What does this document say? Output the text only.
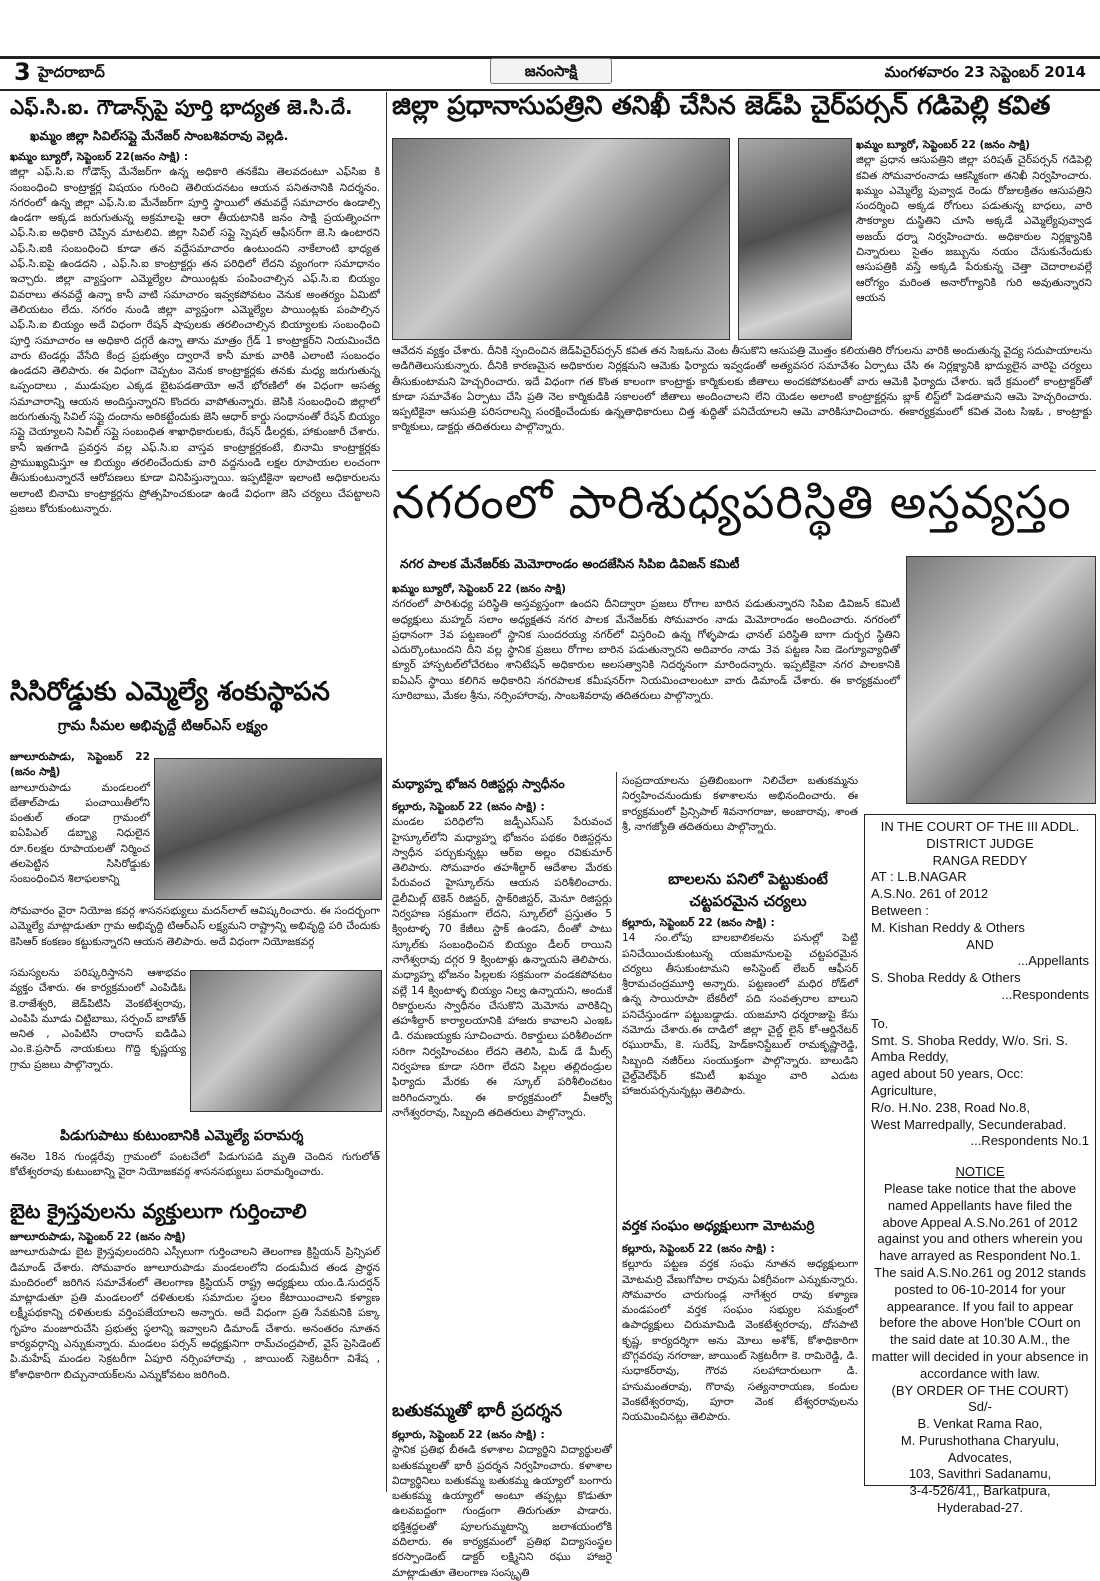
3 హైదరాబాద్‌	జనంసాక్షి	మంగళవారం 23 సెప్టెంబర్‌ 2014
ఎఫ్‌.సి.ఐ. గౌడాన్స్‌పై పూర్తి భాద్యత జె.సి.దే.
ఖమ్మం జిల్లా సివిల్‌సప్లై మేనేజర్‌ సాంబశివరావు వెల్లడి.
ఖమ్మం బ్యూరో, సెప్టెంబర్‌ 22(జనం సాక్షి) :
జిల్లా ఎఫ్‌.సి.ఐ గోడౌన్స్‌ మేనేజర్‌గా ఉన్న అధికారి తనకేమి తెలవదంటూ ఎఫ్‌సిఐ కి సంబంధించి కాంట్రాక్టర్ల విషయం గురించి తెలియదనటం ఆయన పనితనానికి నిదర్శనం. నగరంలో ఉన్న జిల్లా ఎఫ్‌.సి.ఐ మేనేజర్‌గా పూర్తి స్థాయిలో తమవద్దే సమాచారం ఉండాల్సి ఉండగా అక్కడ జరుగుతున్న అక్రమాలపై ఆరా తీయటానికి జనం సాక్షి ప్రయత్నించగా ఎఫ్‌.సి.ఐ అధికారి చెప్పిన మాటలివి. జిల్లా సివిల్‌ సప్లై స్పెషల్‌ ఆఫీసర్‌గా జె.సి ఉంటారని ఎఫ్‌.సి.ఐకి సంబంధించి కూడా తన వద్దేసమాచారం ఉంటుందని నాకేలాంటి భాధ్యత ఎఫ్‌.సి.ఐపై ఉండదని , ఎఫ్‌.సి.ఐ కాంట్రాక్టర్లు తన పరిధిలో లేదని వ్యంగంగా సమాధానం ఇచ్చారు. జిల్లా వ్యాప్తంగా ఎమ్మెల్యేల పాయింట్లకు పంపించాల్సిన ఎఫ్‌.సి.ఐ బియ్యం వివరాలు తనవద్దే ఉన్నా కానీ వాటి సమాచారం ఇవ్వకపోవటం వెనుక అంతర్యం ఏమిటో తెలియటం లేదు. నగరం నుండి జిల్లా వ్యాప్తంగా ఎమ్మెల్యేల పాయింట్లకు పంపాల్సిన ఎఫ్‌.సి.ఐ బియ్యం అదే విధంగా రేషన్‌ షాపులకు తరలించాల్సిన బియ్యాలకు సంబంధించి పూర్తి సమాచారం ఆ అధికారి దగ్గరే ఉన్నా తాను మాత్రం గ్రేడ్‌ 1 కాంట్రాక్టర్‌ని నియమించేది వారు టెండర్లు వేసేది కేంద్ర ప్రభుత్వం ద్వారానే కానీ మాకు వారికి ఎలాంటి సంబంధం ఉండదని తెలిపారు. ఈ విధంగా చెప్పటం వెనుక కాంట్రాక్టర్లకు తనకు మధ్య జరుగుతున్న ఒప్పందాలు , ముడుపుల ఎక్కడ బైటపడతాయో అనే భోరణిలో ఈ విధంగా అసత్య సమాచారాన్ని ఆయన అందిస్తున్నారని కొందరు వాపోతున్నారు. జెసికి సంబంధించి జిల్లాలో జరుగుతున్న సివిల్‌ సప్లై దందాను అరికట్టేందుకు జెసి ఆధార్‌ కార్డు సంధానంతో రేషన్‌ బియ్యం సప్లై చెయ్యాలని సివిల్‌ సప్లై సంబంధిత శాఖాధికారులకు, రేషన్‌ డీలర్లకు, హాకుంజారీ చేశారు. కానీ ఇతగాడి ప్రవర్తన వల్ల ఎఫ్‌.సి.ఐ వాస్తవ కాంట్రాక్టర్లకంటే, బినామి కాంట్రాక్టర్లకు ప్రాముఖ్యమిస్తూ ఆ బియ్యం తరలించేందుకు వారి వద్దనుండి లక్షల రూపాయల లంచంగా తీసుకుంటున్నారనే ఆరోపణలు కూడా వినిపిస్తున్నాయి. ఇప్పటికైనా ఇలాంటి అధికారులను అలాంటి బినామి కాంట్రాక్టర్లను ప్రోత్సహించకుండా ఉండే విధంగా జెసి చర్యలు చేపట్టాలని ప్రజలు కోరుకుంటున్నారు.
జిల్లా ప్రధానాసుపత్రిని తనిఖీ చేసిన జెడ్‌పి చైర్‌పర్సన్‌ గడిపెల్లి కవిత
ఖమ్మం బ్యూరో, సెప్టెంబర్‌ 22 (జనం సాక్షి)
జిల్లా ప్రధాన ఆసుపత్రిని జిల్లా పరిషత్‌ చైర్‌పర్సన్‌ గడిపెల్లి కవిత సోమవారంనాడు ఆకస్మికంగా తనిఖీ నిర్వహించారు. ఖమ్మం ఎమ్మెల్యే పువ్వాడ రెండు రోజులక్రితం ఆసుపత్రిని సందర్శించి అక్కడ రోగులు పడుతున్న బాధలు, వారి సౌకర్యాల దుస్థితిని చూసి అక్కడే ఎమ్మెల్యేపువ్వాడ అజయ్‌ ధర్నా నిర్వహించారు. అధికారుల నిర్లక్ష్యానికి చిన్నారులు సైతం జబ్బును నయం చేసుకునేందుకు ఆసుపత్రికి వస్తే అక్కడి పేరుకున్న చెత్తా చెదారాలవల్లే ఆరోగ్యం మరింత అనారోగ్యానికి గురి అవుతున్నారని ఆయన
ఆవేదన వ్యక్తం చేశారు. దీనికి స్పందించిన జెడ్‌పిచైర్‌పర్సన్‌ కవిత తన సిఇఓను వెంట తీసుకొని ఆసుపత్రి మొత్తం కలియతిరి రోగులను వారికి అందుతున్న వైద్య సదుపాయాలను అడిగితెలుసుకున్నారు. దీనికి కారణమైన అధికారుల నిర్లక్షమని ఆమెకు ఫిర్యాదు ఇవ్వడంతో అత్యవసర సమావేశం ఏర్పాటు చేసి ఈ నిర్లక్ష్యానికి భాద్యులైన వారిపై చర్యలు తీసుకుంటామని హెచ్చరించారు. ఇదే విధంగా గత కొంత కాలంగా కాంట్రాక్టు కార్మికులకు జీతాలు అందకపోవటంతో వారు ఆమెకి ఫిర్యాదు చేశారు. ఇదే క్రమంలో కాంట్రాక్టర్‌తో కూడా సమావేశం ఏర్పాటు చేసి ప్రతి నెల కార్మికుడికి సకాలంలో జీతాలు అందించాలని లేని యెడల అలాంటి కాంట్రాక్టర్లను బ్లాక్‌ లిస్ట్‌లో పెడతామని ఆమె హెచ్చరించారు. ఇప్పటికైనా ఆసుపత్రి పరిసరాలన్ని సంరక్షించేందుకు ఉన్నతాధికారులు చిత్త శుద్ధితో పనిచేయాలని ఆమె వారికిసూచించారు. ఈకార్యక్రమంలో కవిత వెంట సిఇఓ , కాంట్రాక్టు కార్మికులు, డాక్టర్లు తదితరులు పాల్గొన్నారు.
నగరంలో పారిశుధ్యపరిస్థితి అస్తవ్యస్తం
నగర పాలక మేనేజర్‌కు మెమోరాండం అందజేసిన సిపిఐ డివిజన్‌ కమిటీ
ఖమ్మం బ్యూరో, సెప్టెంబర్‌ 22 (జనం సాక్షి)
నగరంలో పారిశుధ్య పరిస్థితి అస్తవ్యస్తంగా ఉందని దీనిద్వారా ప్రజలు రోగాల బారిన పడుతున్నారని సిపిఐ డివిజన్‌ కమిటీ అధ్యక్షులు మహ్మద్‌ సలాం అధ్యక్షతన నగర పాలక మేనేజర్‌కు సోమవారం నాడు మెమోరాండం అందించారు. నగరంలో ప్రధానంగా 3వ పట్టణంలో స్థానిక సుందరయ్య నగర్‌లో విస్తరించి ఉన్న గోళ్ళపాడు ఛానల్‌ పరిస్థితి బాగా దుర్భర స్థితిని ఎదుర్కొంటుందని దీని వల్ల స్థానిక ప్రజలు రోగాల బారిన పడుతున్నారని అదివారం నాడు 3వ పట్టణ సిఐ డెంగ్యూవ్యాధితో క్యూర్‌ హాస్పటల్‌లోచేరటం శానిటేషన్‌ అధికారుల అలసత్వానికి నిదర్శనంగా మారిందన్నారు. ఇప్పటికైనా నగర పాలకానికి ఐఏఎస్‌ స్థాయి కలిగిన అధికారిని నగరపాలక కమీషనర్‌గా నియమించాలంటూ వారు డిమాండ్‌ చేశారు. ఈ కార్యక్రమంలో సూరిబాబు, మేకల శ్రీను, నర్సింహారావు, సాంబశివరావు తదితరులు పాల్గొన్నారు.
సిసిరోడ్డుకు ఎమ్మెల్యే శంకుస్థాపన
గ్రామ సీమల అభివృద్దే టిఆర్‌ఎస్‌ లక్ష్యం
జూలూరుపాడు, సెప్టెంబర్‌ 22 (జనం సాక్షి)
జూలూరుపాడు మండలంలో బేతాల్‌పాడు పంచాయితీలోని పంతుల్‌ తండా గ్రామంలో ఐఏపిఎల్‌ డబ్బ్యా నిధులైన రూ.6లక్షల రూపాయలతో నిర్మించ తలపెట్టిన సిసిరోడ్డుకు సంబంధించిన శిలాఫలకాన్ని
సోమవారం వైరా నియోజ కవర్గ శాసనసభ్యులు మదన్‌లాల్‌ ఆవిష్కరించారు. ఈ సందర్భంగా ఎమ్మెల్యే మాట్లాడుతూ గ్రామ అభివృద్ది టిఆర్‌ఎస్‌ లక్ష్యమని రాష్ట్రాన్ని అభివృద్ది పరి చేందుకు కెసిఆర్‌ కంకణం కట్టుకున్నారని ఆయన తెలిపారు. అదే విధంగా నియోజకవర్గ
సమస్యలను పరిష్కరిస్తానని ఆశాభవం వ్యక్తం చేశారు. ఈ కార్యక్రమంలో ఎంపిడిఓ కె.రాజేశ్వరి, జెడ్‌పిటిసి వెంకటేశ్వరావు, ఎంపిపి మూడు చిట్టిబాబు, సర్పంచ్‌ బాణోత్‌ అనిత , ఎంపిటిసి రాందాస్‌ ఐడిడిఎ ఎం.కె.ప్రసాద్‌ నాయకులు గొద్ది కృష్ణయ్య గ్రామ ప్రజలు పాల్గొన్నారు.
పిడుగుపాటు కుటుంబానికి ఎమ్మెల్యే పరామర్శ
ఈనెల 18న గుండ్లరేవు గ్రామంలో పంటచేలో పిడుగుపడి మృతి చెందిన గుగులోత్‌ కోటేశ్వరరావు కుటుంబాన్ని వైరా నియోజకవర్గ శాసనసభ్యులు పరామర్శించారు.
బైట క్రైస్తవులను వ్యక్తులుగా గుర్తించాలి
జూలూరుపాడు, సెప్టెంబర్‌ 22 (జనం సాక్షి)
జూలూరుపాడు బైట క్రైస్తవులందరిని ఎస్సీలుగా గుర్తించాలని తెలంగాణ క్రిస్టియన్‌ ప్రిన్సిపల్‌ డిమాండ్‌ చేశారు. సోమవారం జూలూరుపాడు మండలంలోని దండుమీద తండ ప్రార్థన మందిరంలో జరిగిన సమావేశంలో తెలంగాణ క్రిస్టియన్‌ రాష్ట్ర అధ్యక్షులు యం.డి.సుదర్షన్‌ మాట్లాడుతూ ప్రతి మండలంలో దళితులకు సమాదుల స్థలం కేటాయించాలని కళ్యాణ లక్ష్మీపథకాన్ని దళితులకు వర్తింపజేయాలని అన్నారు. అదే విధంగా ప్రతి సేవకునికి పక్కా గృహం మంజూరుచేసి ప్రభుత్వ స్థలాన్ని ఇవ్వాలని డిమాండ్‌ చేశారు. అనంతరం నూతన కార్యవర్గాన్ని ఎన్నుకున్నారు. మండలం పర్సన్‌ అధ్యక్షునిగా రామ్‌చంద్రపాల్‌, వైస్‌ ప్రెసిడెంట్‌ పి.మహేష్‌ మండల సెక్రటరీగా ఏపూరి నర్సింహారావు , జాయింట్‌ సెక్రెటరీగా విశేష , కోశాధికారిగా బిచ్చునాయక్‌లను ఎన్నుకోవటం జరిగింది.
మధ్యాహ్న భోజన రిజిస్టర్లు స్వాధీనం
కల్లూరు, సెప్టెంబర్‌ 22 (జనం సాక్షి) :
మండల పరిధిలోని జడ్పీఎస్‌ఎస్‌ పేరువంచ హైస్కూల్‌లోని మధ్యాహ్న భోజనం పథకం రిజిస్టర్లను స్వాధీన పర్చుకున్నట్లు ఆర్‌ఐ అల్లం రవికుమార్‌ తెలిపారు. సోమవారం తహశీల్దార్‌ ఆదేశాల మేరకు పేరువంచ హైస్కూల్‌ను ఆయన పరిశీలించారు. డైలీమిల్ల్‌ టెకెన్‌ రిజిస్టర్‌, స్టాక్‌రిజిస్టర్‌, మెనూ రిజిస్టర్లు నిర్వహణ సక్రమంగా లేదని, స్కూల్‌లో ప్రస్తుతం 5 క్వింటాళ్ళ 70 కేజీలు స్టాక్‌ ఉండని, దీంతో పాటు స్కూల్‌కు సంబంధించిన బియ్యం డీలర్‌ రాయిని నాగేశ్వరావు దగ్గర 9 క్వింటాళ్లు ఉన్నాయని తెలిపారు. మధ్యాహ్న భోజనం పిల్లలకు సక్రమంగా వండకపోవటం వల్లే 14 క్వింటాళ్ళ బియ్యం నిల్వ ఉన్నాయని, అందుకే రికార్డులను స్వాధీనం చేసుకొని మెమోను వారికిచ్చి తహశీల్దార్‌ కార్యాలయానికి హాజరు కావాలని ఎంఇఓ డి. రమణయ్యకు సూచించారు. రికార్డులు పరిశీలించగా సరిగా నిర్వహించటం లేదని తెలిసి, మిడ్‌ డే మీల్స్‌ నిర్వహణ కూడా సరిగా లేదని పిల్లల తల్లిదండ్రుల ఫిర్యాదు మేరకు ఈ స్కూల్‌ పరిశీలించటం జరిగిందన్నారు. ఈ కార్యక్రమంలో వీఆర్వో నాగేశ్వరరావు, సిబ్బంది తదితరులు పాల్గొన్నారు.
బతుకమ్మతో భారీ ప్రదర్శన
కల్లూరు, సెప్టెంబర్‌ 22 (జనం సాక్షి) :
స్థానిక ప్రతిభ బీఈడి కళాశాల విద్యార్థిని విద్యార్థులతో బతుకమ్మలతో భారీ ప్రదర్శన నిర్వహించారు. కళాశాల విద్యార్థినిలు బతుకమ్మ బతుకమ్మ ఉయ్యాలో బంగారు బతుకమ్మ ఉయ్యాలో అంటూ తప్పట్లు కొడుతూ ఉలవబద్దంగా గుండ్రంగా తిరుగుతూ పాడారు. భక్తిశ్రద్ధలతో పూలగుమ్మటాన్ని జలాశయంలోకి వదిలారు. ఈ కార్యక్రమంలో ప్రతిభ విద్యాసంస్థల కరస్పాండెంట్‌ డాక్టర్‌ లక్ష్మినిని రఘు హాజరై మాట్లాడుతూ తెలంగాణ సంస్కృతి
సంప్రదాయాలను ప్రతిబింబంగా నిలిచేలా బతుకమ్మను నిర్వహించనుందుకు కళాశాలను అభినందించారు. ఈ కార్యక్రమంలో ప్రిన్సిపాల్‌ శివనాగరాజు, అంజారావు, శాంత శ్రీ, నాగజ్యోతి తదితరులు పాల్గొన్నారు.
బాలలను పనిలో పెట్టుకుంటే
చట్టపరమైన చర్యలు
కల్లూరు, సెప్టెంబర్‌ 22 (జనం సాక్షి) :
14 సం.లోపు బాలబాలికలను పనుల్లో పెట్టి పనిచేయించుకుంటున్న యజమానులపై చట్టపరమైన చర్యలు తీసుకుంటామని అసిస్టెంట్‌ లేబర్‌ ఆఫీసర్‌ శ్రీరామచంద్రమూర్తి అన్నారు. పట్టణంలో మధిర రోడ్‌లో ఉన్న సాయిరూపా బేకరీలో పది సంవత్సరాల బాలుని పనిచేస్తుండగా పట్టుబడ్డాడు. యజమాని ధర్మరాజుపై కేసు నమోదు చేశారు.ఈ దాడిలో జిల్లా చైల్డ్‌ లైన్‌ కో-ఆర్డినేటర్‌ రఘురామ్‌, కె. సురేష్‌, హెడ్‌కానిస్టేబుల్‌ రామకృష్ణారెడ్డి, సిబ్బంది నజీర్‌లు సంయుక్తంగా పాల్గొన్నారు. బాలుడిని చైల్డ్‌వెల్‌ఫేర్‌ కమిటీ ఖమ్మం వారి ఎదుట హాజరుపర్చనున్నట్లు తెలిపారు.
వర్తక సంఘం అధ్యక్షులుగా మోటమర్రి
కల్లూరు, సెప్టెంబర్‌ 22 (జనం సాక్షి) :
కల్లూరు పట్టణ వర్తక సంఘ నూతన అధ్యక్షులుగా మోటమర్రి వేణుగోపాల రావును ఏకగ్రీవంగా ఎన్నుకున్నారు. సోమవారం చారుగుండ్ల నాగేశ్వర రావు కళ్యాణ మండపంలో వర్తక సంఘం సభ్యుల సమక్షంలో ఉపాధ్యక్షులు చిరుమామిడి వెంకటేశ్వరరావు, దోసపాటి కృష్ణ, కార్యదర్శిగా అను మోలు అశోక్‌, కోశాధికారిగా బొగ్గవరపు నగరాజు, జాయింట్‌ సెక్రటరీగా కె. రామిరెడ్డి, డి. సుధాకర్‌రావు, గౌరవ సలహాదారులుగా డి. హనుమంతరావు, గొరావు సత్యనారాయణ, కందుల వెంకటేశ్వరరావు, పూరా వెంక టేశ్వరరావులను నియమించినట్లు తెలిపారు.
IN THE COURT OF THE III ADDL.
DISTRICT JUDGE
RANGA REDDY
AT : L.B.NAGAR
A.S.No. 261 of 2012
Between :
M. Kishan Reddy & Others
AND
...Appellants
S. Shoba Reddy & Others
...Respondents
To.
Smt. S. Shoba Reddy, W/o. Sri. S.
Amba Reddy,
aged about 50 years, Occ:
Agriculture,
R/o. H.No. 238, Road No.8,
West Marredpally, Secunderabad.
...Respondents No.1
NOTICE
Please take notice that the above named Appellants have filed the above Appeal A.S.No.261 of 2012 against you and others wherein you have arrayed as Respondent No.1. The said A.S.No.261 og 2012 stands posted to 06-10-2014 for your appearance. If you fail to appear before the above Hon'ble COurt on the said date at 10.30 A.M., the matter will decided in your absence in accordance with law.
(BY ORDER OF THE COURT)
Sd/-
B. Venkat Rama Rao,
M. Purushothana Charyulu,
Advocates,
103, Savithri Sadanamu,
3-4-526/41,, Barkatpura,
Hyderabad-27.
